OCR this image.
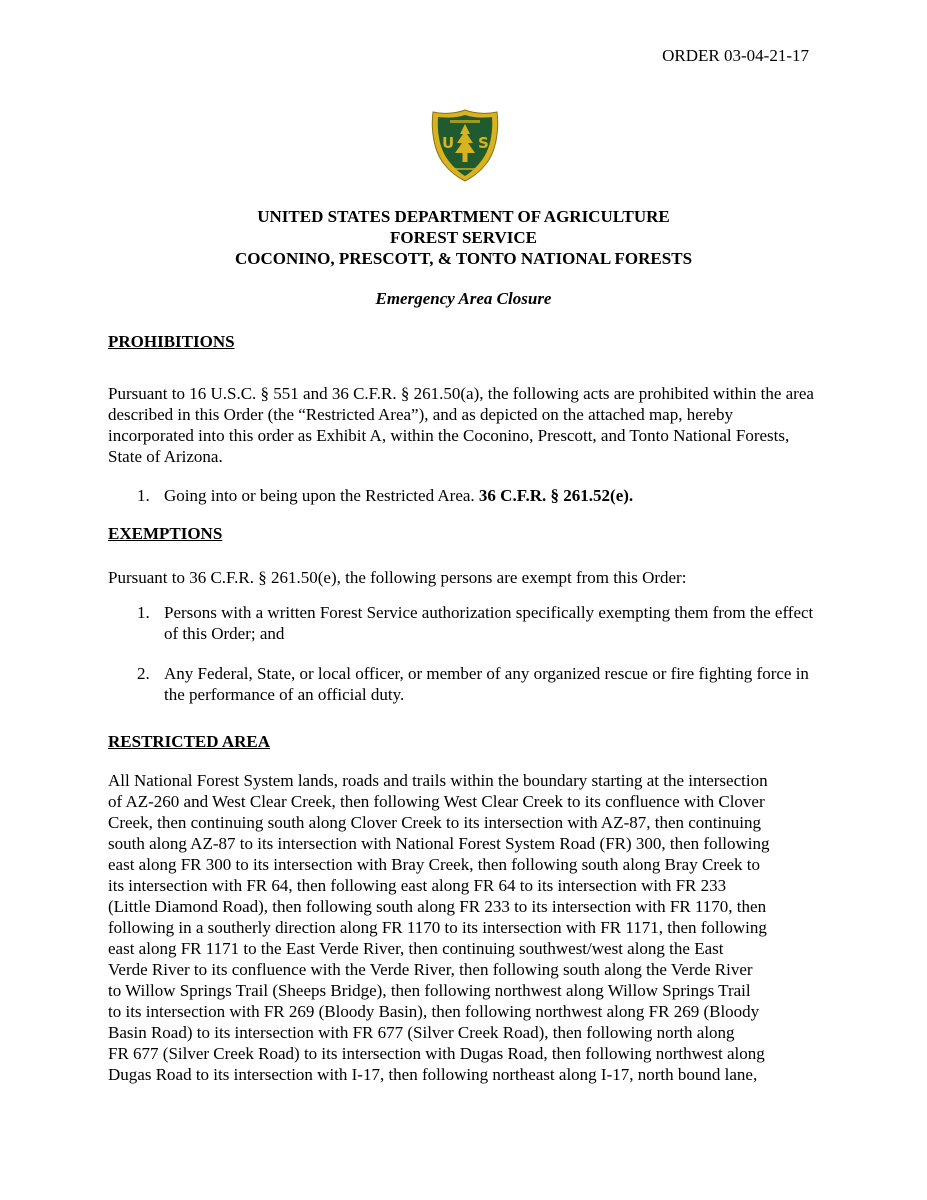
ORDER 03-04-21-17
U S
UNITED STATES DEPARTMENT OF AGRICULTURE
FOREST SERVICE
COCONINO, PRESCOTT, & TONTO NATIONAL FORESTS
Emergency Area Closure
PROHIBITIONS
Pursuant to 16 U.S.C. § 551 and 36 C.F.R. § 261.50(a), the following acts are prohibited within the area described in this Order (the “Restricted Area”), and as depicted on the attached map, hereby incorporated into this order as Exhibit A, within the Coconino, Prescott, and Tonto National Forests, State of Arizona.
1. Going into or being upon the Restricted Area. 36 C.F.R. § 261.52(e).
EXEMPTIONS
Pursuant to 36 C.F.R. § 261.50(e), the following persons are exempt from this Order:
1. Persons with a written Forest Service authorization specifically exempting them from the effect of this Order; and
2. Any Federal, State, or local officer, or member of any organized rescue or fire fighting force in the performance of an official duty.
RESTRICTED AREA
All National Forest System lands, roads and trails within the boundary starting at the intersection
of AZ-260 and West Clear Creek, then following West Clear Creek to its confluence with Clover
Creek, then continuing south along Clover Creek to its intersection with AZ-87, then continuing
south along AZ-87 to its intersection with National Forest System Road (FR) 300, then following
east along FR 300 to its intersection with Bray Creek, then following south along Bray Creek to
its intersection with FR 64, then following east along FR 64 to its intersection with FR 233
(Little Diamond Road), then following south along FR 233 to its intersection with FR 1170, then
following in a southerly direction along FR 1170 to its intersection with FR 1171, then following
east along FR 1171 to the East Verde River, then continuing southwest/west along the East
Verde River to its confluence with the Verde River, then following south along the Verde River
to Willow Springs Trail (Sheeps Bridge), then following northwest along Willow Springs Trail
to its intersection with FR 269 (Bloody Basin), then following northwest along FR 269 (Bloody
Basin Road) to its intersection with FR 677 (Silver Creek Road), then following north along
FR 677 (Silver Creek Road) to its intersection with Dugas Road, then following northwest along
Dugas Road to its intersection with I-17, then following northeast along I-17, north bound lane,
